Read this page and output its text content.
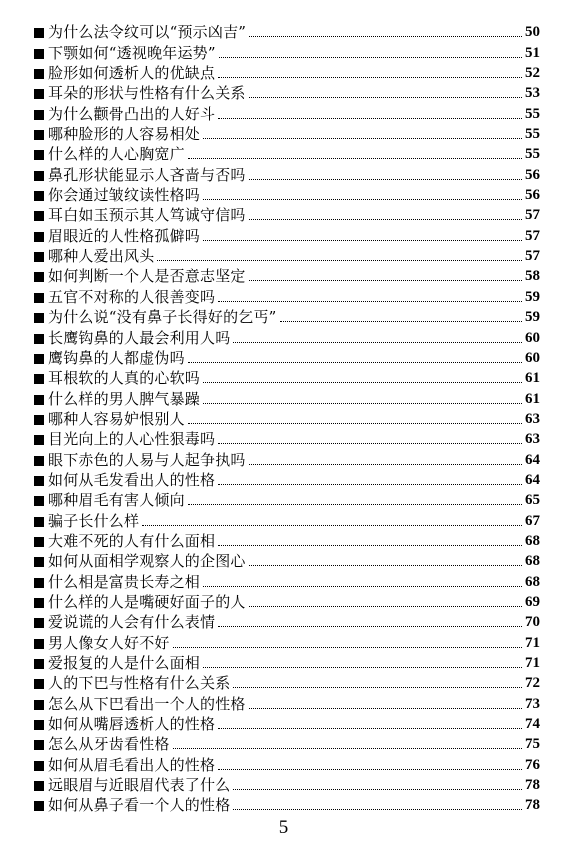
为什么法令纹可以“预示凶吉”	50
下颚如何“透视晚年运势”	51
脸形如何透析人的优缺点	52
耳朵的形状与性格有什么关系	53
为什么颧骨凸出的人好斗	55
哪种脸形的人容易相处	55
什么样的人心胸宽广	55
鼻孔形状能显示人吝啬与否吗	56
你会通过皱纹读性格吗	56
耳白如玉预示其人笃诚守信吗	57
眉眼近的人性格孤僻吗	57
哪种人爱出风头	57
如何判断一个人是否意志坚定	58
五官不对称的人很善变吗	59
为什么说“没有鼻子长得好的乞丐”	59
长鹰钩鼻的人最会利用人吗	60
鹰钩鼻的人都虚伪吗	60
耳根软的人真的心软吗	61
什么样的男人脾气暴躁	61
哪种人容易妒恨别人	63
目光向上的人心性狠毒吗	63
眼下赤色的人易与人起争执吗	64
如何从毛发看出人的性格	64
哪种眉毛有害人倾向	65
骗子长什么样	67
大难不死的人有什么面相	68
如何从面相学观察人的企图心	68
什么相是富贵长寿之相	68
什么样的人是嘴硬好面子的人	69
爱说谎的人会有什么表情	70
男人像女人好不好	71
爱报复的人是什么面相	71
人的下巴与性格有什么关系	72
怎么从下巴看出一个人的性格	73
如何从嘴唇透析人的性格	74
怎么从牙齿看性格	75
如何从眉毛看出人的性格	76
远眼眉与近眼眉代表了什么	78
如何从鼻子看一个人的性格	78
5
